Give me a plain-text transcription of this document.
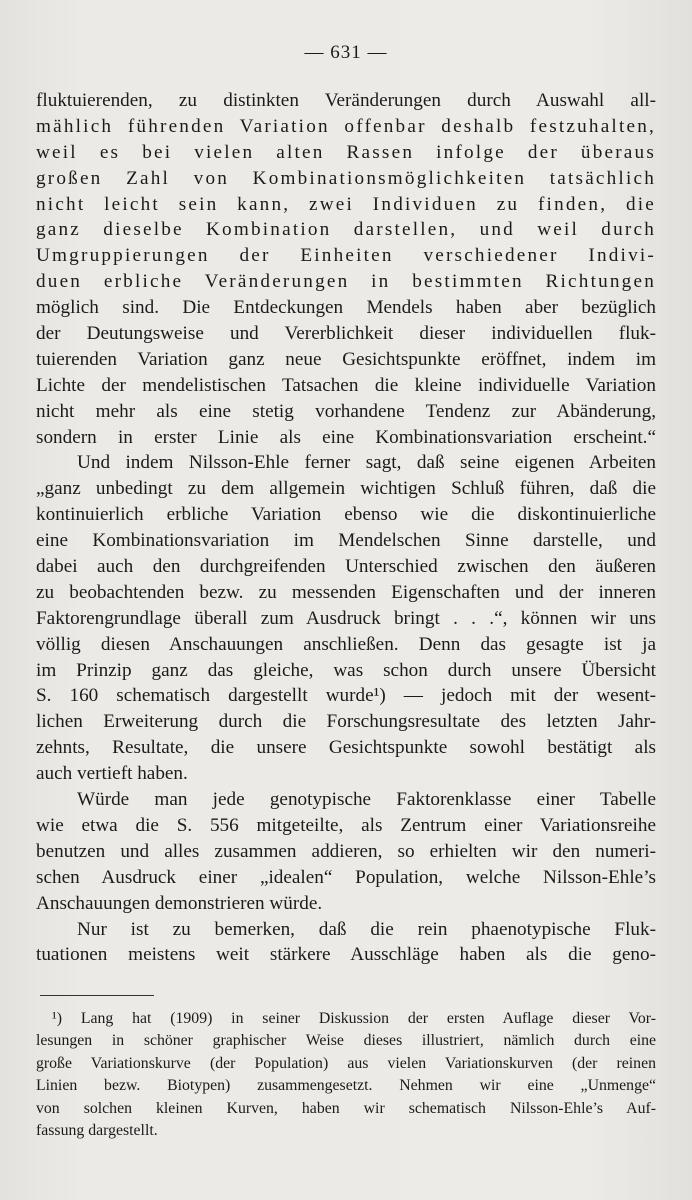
— 631 —
fluktuierenden, zu distinkten Veränderungen durch Auswahl all-
mählich führenden Variation offenbar deshalb festzuhalten,
weil es bei vielen alten Rassen infolge der überaus
großen Zahl von Kombinationsmöglichkeiten tatsächlich
nicht leicht sein kann, zwei Individuen zu finden, die
ganz dieselbe Kombination darstellen, und weil durch
Umgruppierungen der Einheiten verschiedener Indivi-
duen erbliche Veränderungen in bestimmten Richtungen
möglich sind. Die Entdeckungen Mendels haben aber bezüglich
der Deutungsweise und Vererblichkeit dieser individuellen fluk-
tuierenden Variation ganz neue Gesichtspunkte eröffnet, indem im
Lichte der mendelistischen Tatsachen die kleine individuelle Variation
nicht mehr als eine stetig vorhandene Tendenz zur Abänderung,
sondern in erster Linie als eine Kombinationsvariation erscheint.“
Und indem Nilsson-Ehle ferner sagt, daß seine eigenen Arbeiten
„ganz unbedingt zu dem allgemein wichtigen Schluß führen, daß die
kontinuierlich erbliche Variation ebenso wie die diskontinuierliche
eine Kombinationsvariation im Mendelschen Sinne darstelle, und
dabei auch den durchgreifenden Unterschied zwischen den äußeren
zu beobachtenden bezw. zu messenden Eigenschaften und der inneren
Faktorengrundlage überall zum Ausdruck bringt . . .“, können wir uns
völlig diesen Anschauungen anschließen. Denn das gesagte ist ja
im Prinzip ganz das gleiche, was schon durch unsere Übersicht
S. 160 schematisch dargestellt wurde¹) — jedoch mit der wesent-
lichen Erweiterung durch die Forschungsresultate des letzten Jahr-
zehnts, Resultate, die unsere Gesichtspunkte sowohl bestätigt als
auch vertieft haben.
Würde man jede genotypische Faktorenklasse einer Tabelle
wie etwa die S. 556 mitgeteilte, als Zentrum einer Variationsreihe
benutzen und alles zusammen addieren, so erhielten wir den numeri-
schen Ausdruck einer „idealen“ Population, welche Nilsson-Ehle’s
Anschauungen demonstrieren würde.
Nur ist zu bemerken, daß die rein phaenotypische Fluk-
tuationen meistens weit stärkere Ausschläge haben als die geno-
¹) Lang hat (1909) in seiner Diskussion der ersten Auflage dieser Vor-
lesungen in schöner graphischer Weise dieses illustriert, nämlich durch eine
große Variationskurve (der Population) aus vielen Variationskurven (der reinen
Linien bezw. Biotypen) zusammengesetzt. Nehmen wir eine „Unmenge“
von solchen kleinen Kurven, haben wir schematisch Nilsson-Ehle’s Auf-
fassung dargestellt.
